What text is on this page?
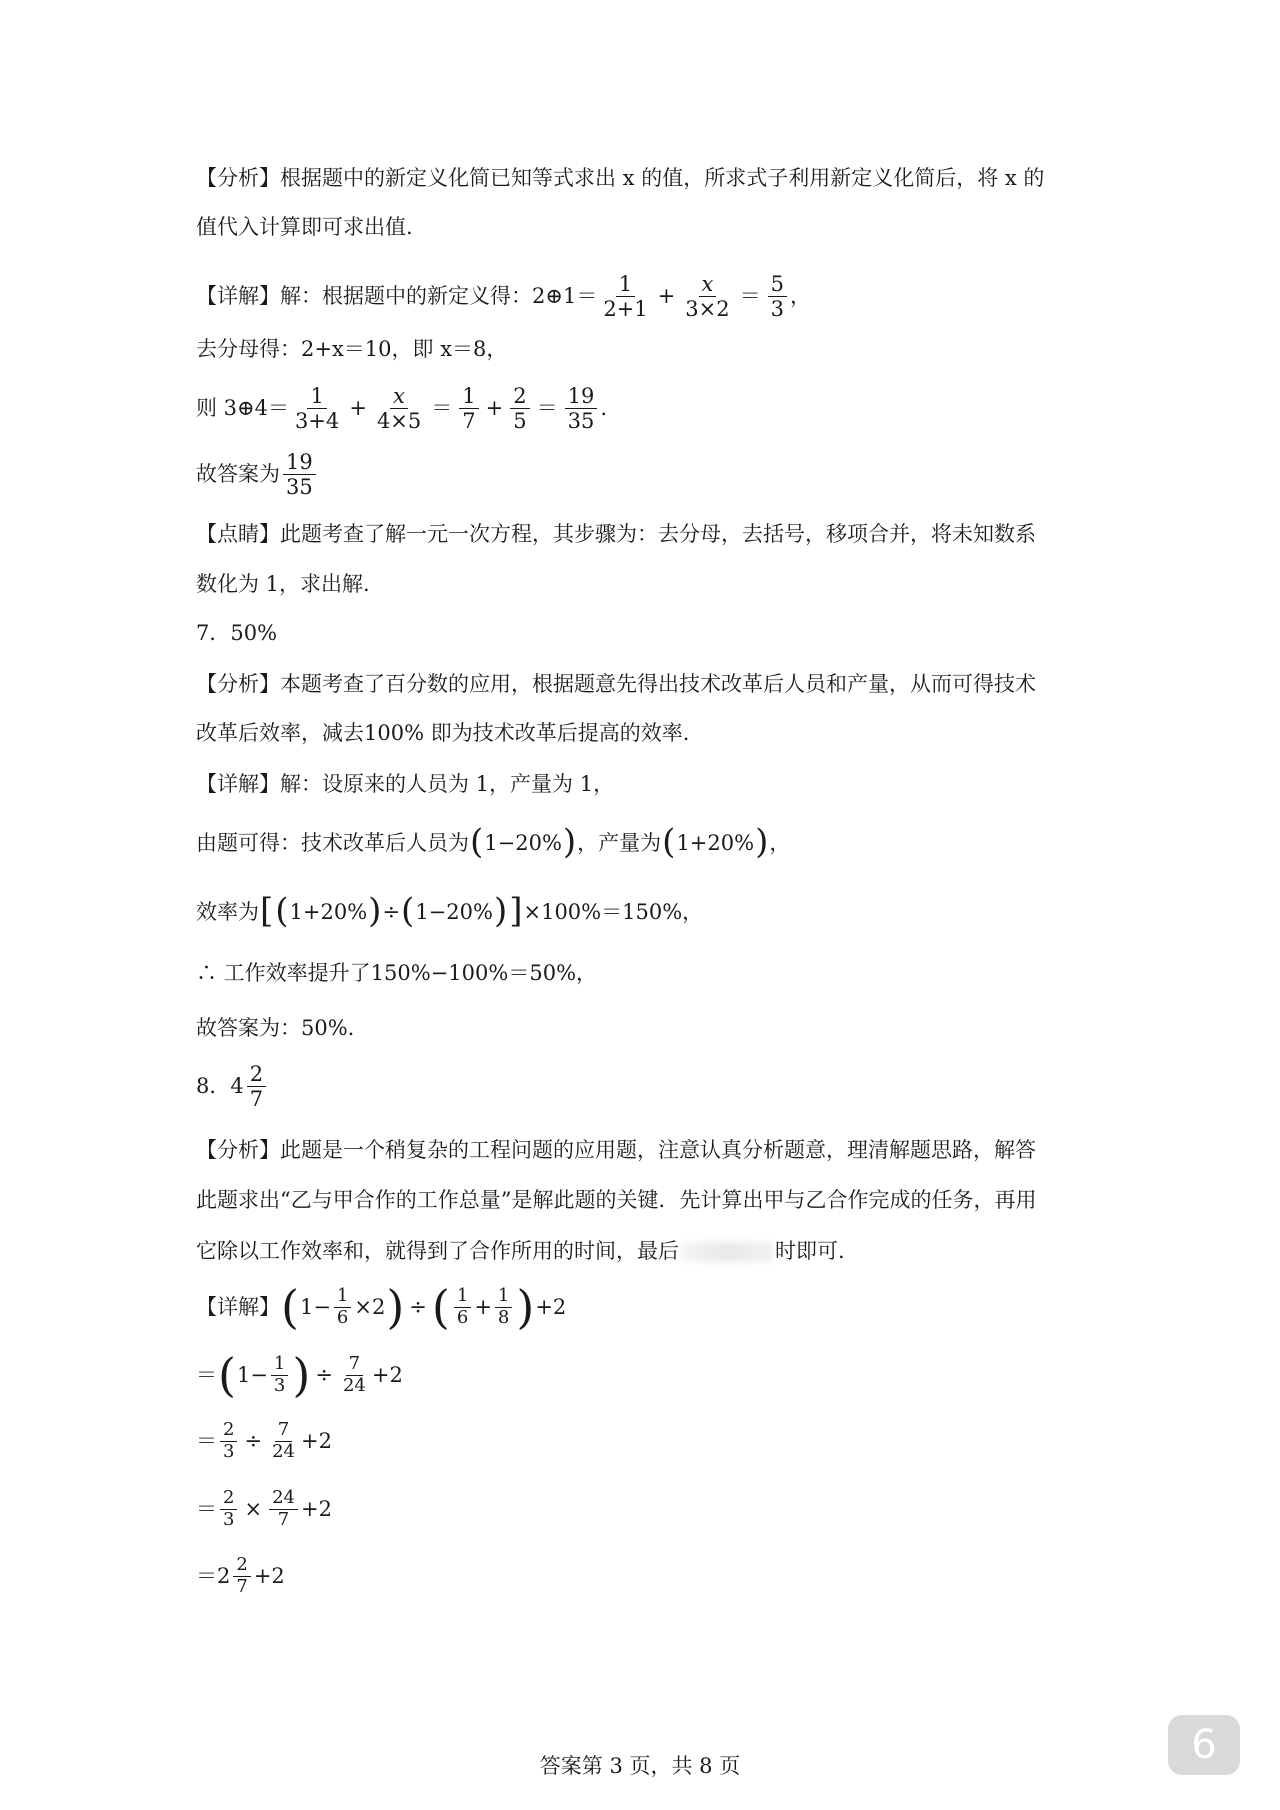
【分析】 根据题中的新定义化简已知等式求出 x 的值，所求式子利用新定义化简后，将 x 的
值代入计算即可求出值.
【详解】 解：根据题中的新定义得： 2⊕1＝ $\frac{1}{2+1} + \frac{x}{3\times 2} = \frac{5}{3}$ ，
去分母得：2+x＝10，即 x＝8，
则 3⊕4＝ $\frac{1}{3+4} + \frac{x}{4\times 5} = \frac{1}{7} + \frac{2}{5} = \frac{19}{35}$ .
故答案为 $\frac{19}{35}$
【点睛】 此题考查了解一元一次方程，其步骤为：去分母，去括号，移项合并，将未知数系
数化为 1，求出解.
7．50%
【分析】 本题考查了百分数的应用，根据题意先得出技术改革后人员和产量，从而可得技术
改革后效率，减去100% 即为技术改革后提高的效率.
【详解】 解：设原来的人员为 1，产量为 1，
由题可得：技术改革后人员为 ( 1−20% ) ，产量为 ( 1+20% ) ，
效率为 [ ( 1+20% ) ÷ ( 1−20% ) ] ×100%＝150%，
∴ 工作效率提升了150%−100%＝50%，
故答案为：50%.
8． $4 \frac{2}{7}$
【分析】 此题是一个稍复杂的工程问题的应用题，注意认真分析题意，理清解题思路，解答
此题求出“乙与甲合作的工作总量”是解此题的关键．先计算出甲与乙合作完成的任务，再用
它除以工作效率和，就得到了合作所用的时间，最后	时即可.
【详解】 ( $1- \frac{1}{6} \times 2$ ) ÷ ( $\frac{1}{6} + \frac{1}{8}$ ) +2
＝ ( $1- \frac{1}{3}$ ) ÷ $\frac{7}{24} +2$
＝ $\frac{2}{3} \div \frac{7}{24} +2$
＝ $\frac{2}{3} \times \frac{24}{7} +2$
＝ $2 \frac{2}{7} +2$
答案第 3 页，共 8 页	6
